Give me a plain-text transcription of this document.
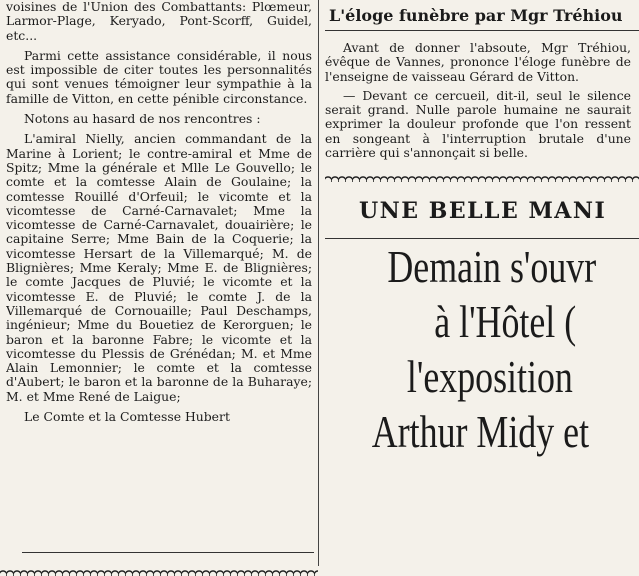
voisines de l'Union des Combattants: Plœmeur, Larmor-Plage, Keryado, Pont-Scorff, Guidel, etc...

Parmi cette assistance considérable, il nous est impossible de citer toutes les personnalités qui sont venues témoigner leur sympathie à la famille de Vitton, en cette pénible circonstance.

Notons au hasard de nos rencontres :

L'amiral Nielly, ancien commandant de la Marine à Lorient; le contre-amiral et Mme de Spitz; Mme la générale et Mlle Le Gouvello; le comte et la comtesse Alain de Goulaine; la comtesse Rouillé d'Orfeuil; le vicomte et la vicomtesse de Carné-Carnavalet; Mme la vicomtesse de Carné-Carnavalet, douairière; le capitaine Serre; Mme Bain de la Coquerie; la vicomtesse Hersart de la Villemarqué; M. de Blignières; Mme Keraly; Mme E. de Blignières; le comte Jacques de Pluvié; le vicomte et la vicomtesse E. de Pluvié; le comte J. de la Villemarqué de Cornouaille; Paul Deschamps, ingénieur; Mme du Bouetiez de Kerorguen; le baron et la baronne Fabre; le vicomte et la vicomtesse du Plessis de Grénédan; M. et Mme Alain Lemonnier; le comte et la comtesse d'Aubert; le baron et la baronne de la Buharaye; M. et Mme René de Laigue;

Le Comte et la Comtesse Hubert

L'éloge funèbre par Mgr Tréhiou

Avant de donner l'absoute, Mgr Tréhiou, évêque de Vannes, prononce l'éloge funèbre de l'enseigne de vaisseau Gérard de Vitton.

— Devant ce cercueil, dit-il, seul le silence serait grand. Nulle parole humaine ne saurait exprimer la douleur profonde que l'on ressent en songeant à l'interruption brutale d'une carrière qui s'annonçait si belle.

UNE BELLE MANI
Demain s'ouvr
à l'Hôtel (
l'exposition
Arthur Midy et
